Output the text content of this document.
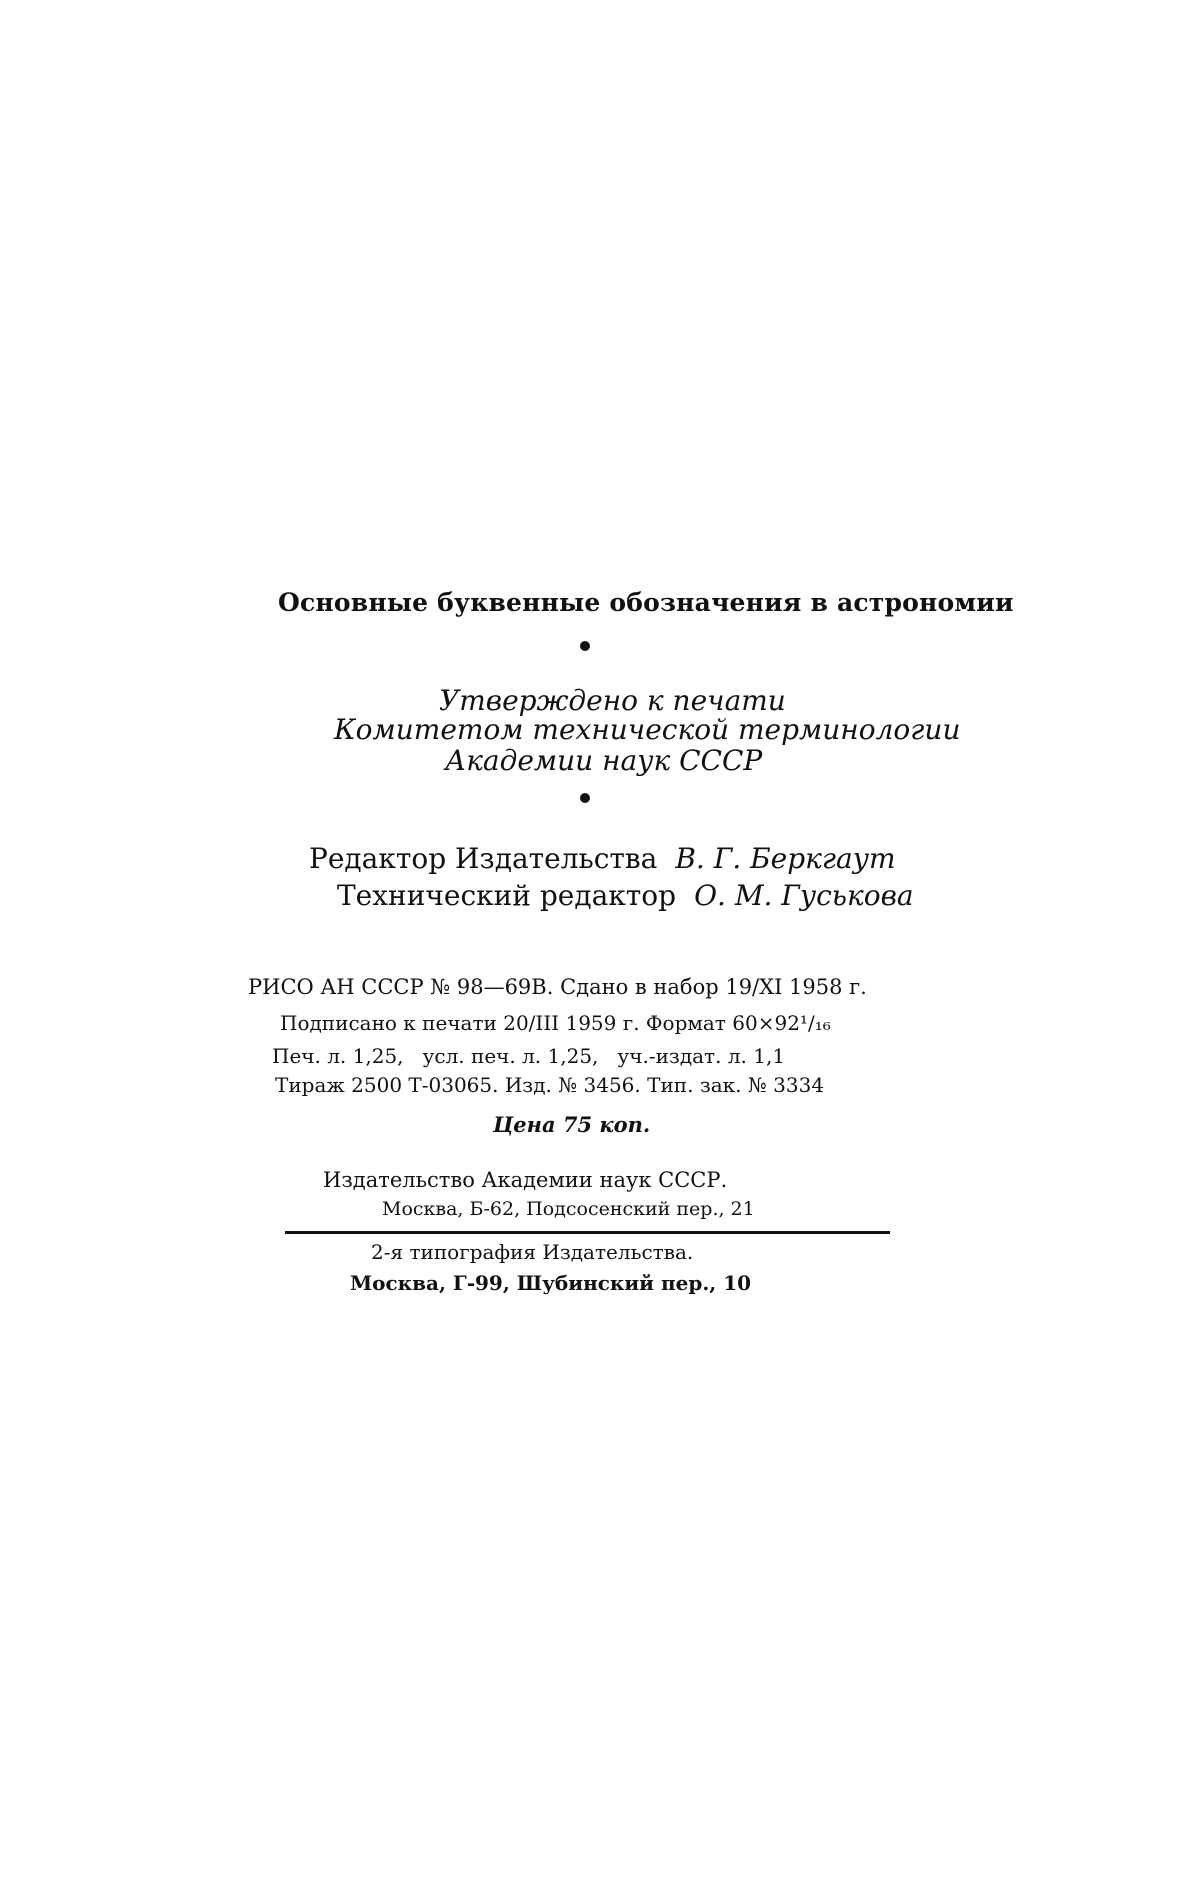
Основные буквенные обозначения в астрономии
Утверждено к печати
Комитетом технической терминологии
Академии наук СССР
Редактор Издательства В. Г. Беркгаут
Технический редактор О. М. Гуськова
РИСО АН СССР № 98—69В. Сдано в набор 19/XI 1958 г.
Подписано к печати 20/III 1959 г. Формат 60×92¹/₁₆
Печ. л. 1,25,   усл. печ. л. 1,25,   уч.-издат. л. 1,1
Тираж 2500 Т-03065. Изд. № 3456. Тип. зак. № 3334
Цена 75 коп.
Издательство Академии наук СССР.
Москва, Б-62, Подсосенский пер., 21
2-я типография Издательства.
Москва, Г-99, Шубинский пер., 10
